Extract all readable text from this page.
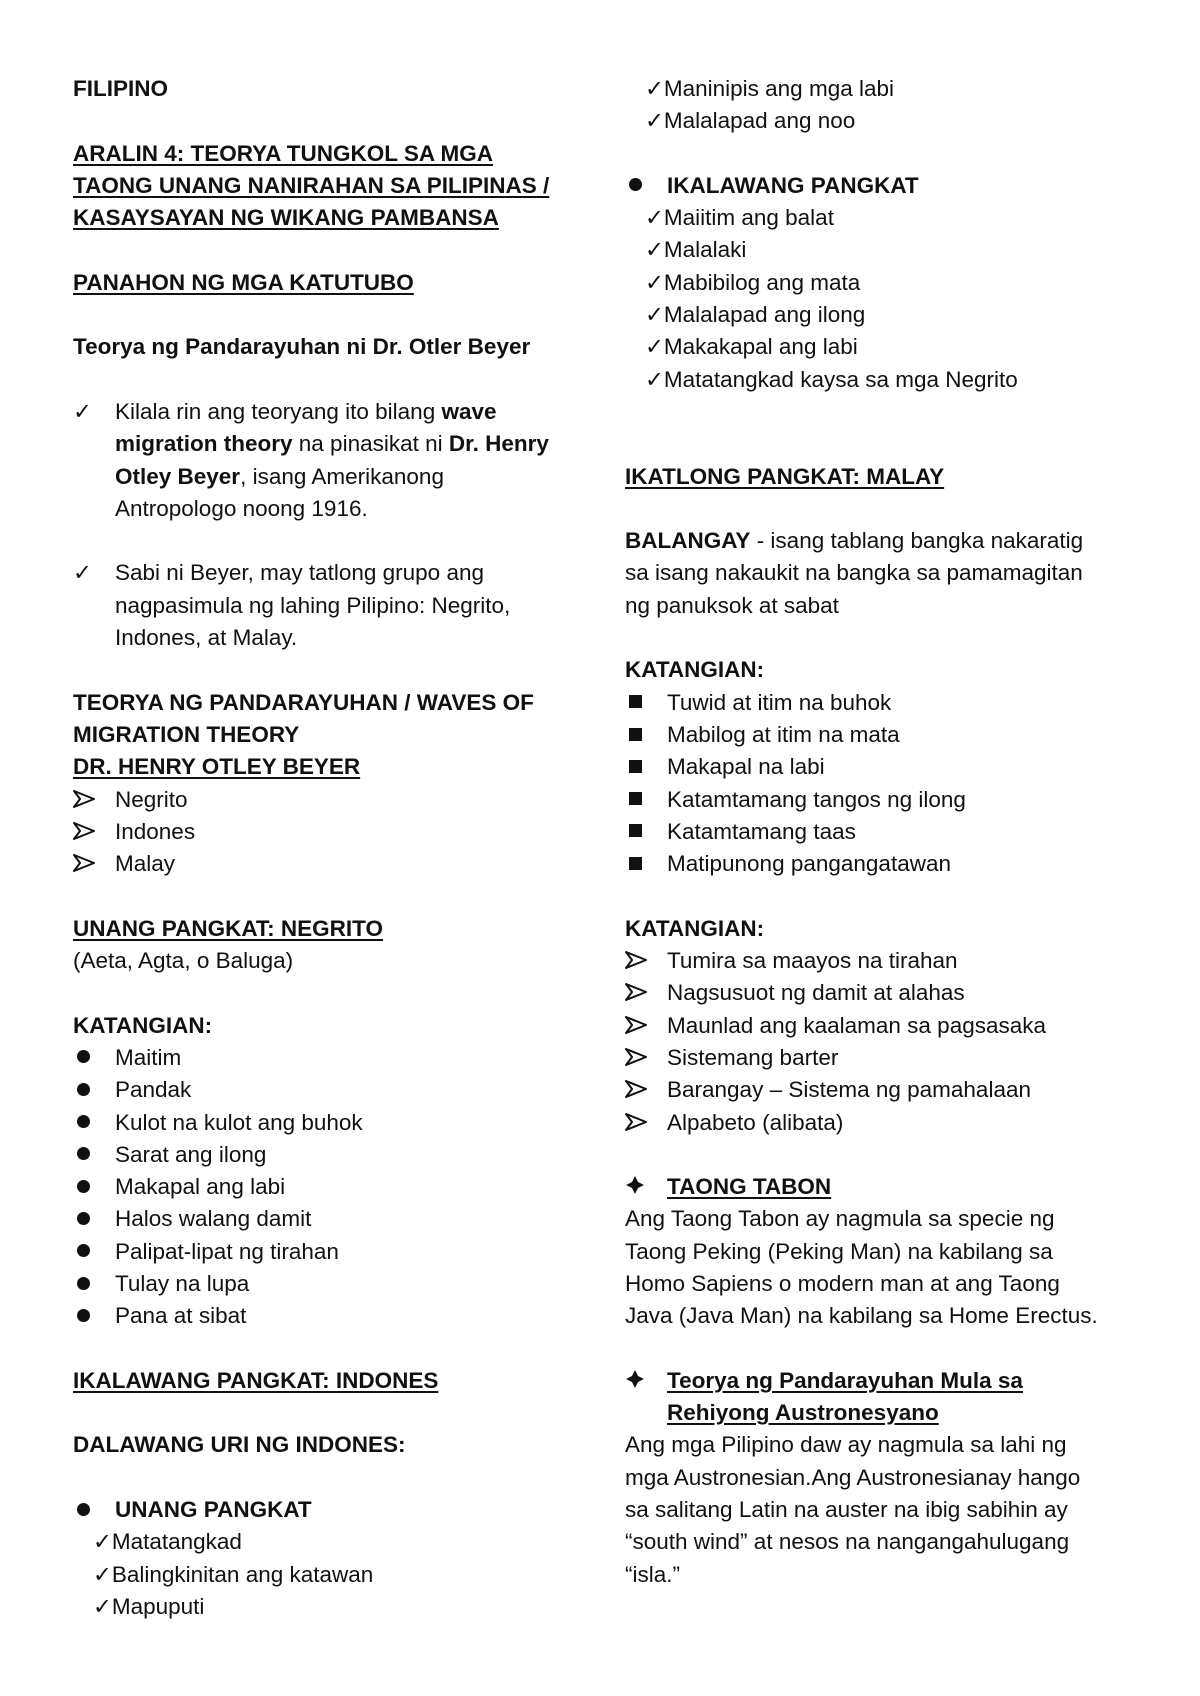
FILIPINO
ARALIN 4: TEORYA TUNGKOL SA MGA
TAONG UNANG NANIRAHAN SA PILIPINAS /
KASAYSAYAN NG WIKANG PAMBANSA
PANAHON NG MGA KATUTUBO
Teorya ng Pandarayuhan ni Dr. Otler Beyer
✓	Kilala rin ang teoryang ito bilang wave migration theory na pinasikat ni Dr. Henry Otley Beyer, isang Amerikanong Antropologo noong 1916.
✓	Sabi ni Beyer, may tatlong grupo ang nagpasimula ng lahing Pilipino: Negrito, Indones, at Malay.
TEORYA NG PANDARAYUHAN / WAVES OF
MIGRATION THEORY
DR. HENRY OTLEY BEYER
Negrito
Indones
Malay
UNANG PANGKAT: NEGRITO
(Aeta, Agta, o Baluga)
KATANGIAN:
Maitim
Pandak
Kulot na kulot ang buhok
Sarat ang ilong
Makapal ang labi
Halos walang damit
Palipat-lipat ng tirahan
Tulay na lupa
Pana at sibat
IKALAWANG PANGKAT: INDONES
DALAWANG URI NG INDONES:
UNANG PANGKAT
✓Matatangkad
✓Balingkinitan ang katawan
✓Mapuputi
✓Maninipis ang mga labi
✓Malalapad ang noo
IKALAWANG PANGKAT
✓Maiitim ang balat
✓Malalaki
✓Mabibilog ang mata
✓Malalapad ang ilong
✓Makakapal ang labi
✓Matatangkad kaysa sa mga Negrito
IKATLONG PANGKAT: MALAY
BALANGAY - isang tablang bangka nakaratig
sa isang nakaukit na bangka sa pamamagitan
ng panuksok at sabat
KATANGIAN:
Tuwid at itim na buhok
Mabilog at itim na mata
Makapal na labi
Katamtamang tangos ng ilong
Katamtamang taas
Matipunong pangangatawan
KATANGIAN:
Tumira sa maayos na tirahan
Nagsusuot ng damit at alahas
Maunlad ang kaalaman sa pagsasaka
Sistemang barter
Barangay – Sistema ng pamahalaan
Alpabeto (alibata)
TAONG TABON
Ang Taong Tabon ay nagmula sa specie ng
Taong Peking (Peking Man) na kabilang sa
Homo Sapiens o modern man at ang Taong
Java (Java Man) na kabilang sa Home Erectus.
Teorya ng Pandarayuhan Mula sa
Rehiyong Austronesyano
Ang mga Pilipino daw ay nagmula sa lahi ng
mga Austronesian.Ang Austronesianay hango
sa salitang Latin na auster na ibig sabihin ay
“south wind” at nesos na nangangahulugang
“isla.”
